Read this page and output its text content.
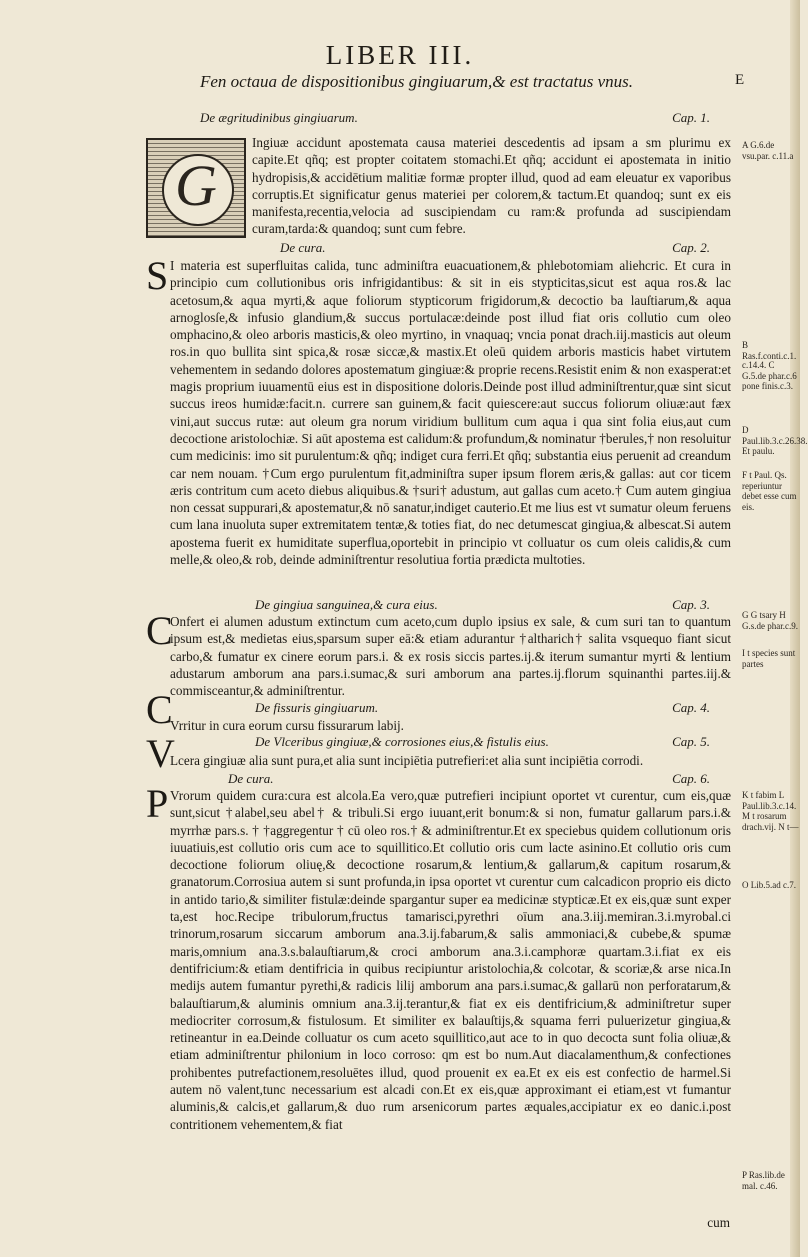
LIBER III.
Fen octaua de dispositionibus gingiuarum,& est tractatus vnus.	E
De ægritudinibus gingiuarum.	Cap. 1.
G

Ingiuæ accidunt apostemata causa materiei descedentis ad ipsam a sm plurimu ex capite.Et qñq; est propter coitatem stomachi.Et qñq; accidunt ei apostemata in initio hydropisis,& accidētium malitiæ formæ propter illud, quod ad eam eleuatur ex vaporibus corruptis.Et significatur genus materiei per colorem,& tactum.Et quandoq; sunt ex eis manifesta,recentia,velocia ad suscipiendam cu ram:& profunda ad suscipiendam curam,tarda:& quandoq; sunt cum febre.

De cura.	Cap. 2.
S I materia est superfluitas calida, tunc adminiſtra euacuationem,& phlebotomiam aliehcric. Et cura in principio cum collutionibus oris infrigidantibus: & sit in eis stypticitas,sicut est aqua ros.& lac acetosum,& aqua myrti,& aque foliorum stypticorum frigidorum,& decoctio ba lauſtiarum,& aqua arnoglosſe,& infusio glandium,& succus portulacæ:deinde post illud fiat oris collutio cum oleo omphacino,& oleo arboris masticis,& oleo myrtino, in vnaquaq; vncia ponat drach.iij.masticis aut oleum ros.in quo bullita sint spica,& rosæ siccæ,& mastix.Et oleū quidem arboris masticis habet virtutem vehementem in sedando dolores apostematum gingiuæ:& proprie recens.Resistit enim & non exasperat:et magis proprium iuuamentū eius est in dispositione doloris.Deinde post illud adminiſtrentur,quæ sint sicut succus ireos humidæ:facit.n. currere san guinem,& facit quiescere:aut succus foliorum oliuæ:aut fæx vini,aut succus rutæ: aut oleum gra norum viridium bullitum cum aqua i qua sint folia eius,aut cum decoctione aristolochiæ. Si aūt apostema est calidum:& profundum,& nominatur †berules,† non resoluitur cum medicinis: imo sit purulentum:& qñq; indiget cura ferri.Et qñq; substantia eius peruenit ad creandum car nem nouam. †Cum ergo purulentum fit,adminiſtra super ipsum florem æris,& gallas: aut cor ticem æris contritum cum aceto diebus aliquibus.& †suri† adustum, aut gallas cum aceto.† Cum autem gingiua non cessat suppurari,& apostematur,& nō sanatur,indiget cauterio.Et me lius est vt sumatur oleum feruens cum lana inuoluta super extremitatem tentæ,& toties fiat, do nec detumescat gingiua,& albescat.Si autem apostema fuerit ex humiditate superflua,oportebit in principio vt colluatur os cum oleis calidis,& cum melle,& oleo,& rob, deinde adminiſtrentur resolutiua fortia prædicta multoties.

De gingiua sanguinea,& cura eius.	Cap. 3.
C

Onfert ei alumen adustum extinctum cum aceto,cum duplo ipsius ex sale, & cum suri tan to quantum ipsum est,& medietas eius,sparsum super eā:& etiam adurantur †altharich† salita vsquequo fiant sicut carbo,& fumatur ex cinere eorum pars.i. & ex rosis siccis partes.ij.& iterum sumantur myrti & lentium adustarum amborum ana pars.i.sumac,& suri amborum ana partes.ij.florum squinanthi partes.iij.& commisceantur,& adminiſtrentur.

De fissuris gingiuarum.	Cap. 4.
C

Vrritur in cura eorum cursu fissurarum labij.

De Vlceribus gingiuæ,& corrosiones eius,& fistulis eius.	Cap. 5.
V

Lcera gingiuæ alia sunt pura,et alia sunt incipiētia putrefieri:et alia sunt incipiētia corrodi.

De cura.	Cap. 6.
P Vrorum quidem cura:cura est alcola.Ea vero,quæ putrefieri incipiunt oportet vt curentur, cum eis,quæ sunt,sicut †alabel,seu abel† & tribuli.Si ergo iuuant,erit bonum:& si non, fumatur gallarum pars.i.& myrrhæ pars.s. † †aggregentur † cū oleo ros.† & adminiſtrentur.Et ex speciebus quidem collutionum oris iuuatiuis,est collutio oris cum ace to squillitico.Et collutio oris cum lacte asinino.Et collutio oris cum decoctione foliorum oliuę,& decoctione rosarum,& lentium,& gallarum,& capitum rosarum,& granatorum.Corrosiua autem si sunt profunda,in ipsa oportet vt curentur cum calcadicon proprio eis dicto in antido tario,& similiter fistulæ:deinde spargantur super ea medicinæ stypticæ.Et ex eis,quæ sunt exper ta,est hoc.Recipe tribulorum,fructus tamarisci,pyrethri oīum ana.3.iij.memiran.3.i.myrobal.ci trinorum,rosarum siccarum amborum ana.3.ij.fabarum,& salis ammoniaci,& cubebe,& spumæ maris,omnium ana.3.s.balauſtiarum,& croci amborum ana.3.i.camphoræ quartam.3.i.fiat ex eis dentifricium:& etiam dentifricia in quibus recipiuntur aristolochia,& colcotar, & scoriæ,& arse nica.In medijs autem fumantur pyrethi,& radicis lilij amborum ana pars.i.sumac,& gallarū non perforatarum,& balauſtiarum,& aluminis omnium ana.3.ij.terantur,& fiat ex eis dentifricium,& adminiſtretur super mediocriter corrosum,& fistulosum. Et similiter ex balauſtijs,& squama ferri puluerizetur gingiua,& retineantur in ea.Deinde colluatur os cum aceto squillitico,aut ace to in quo decocta sunt folia oliuæ,& etiam adminiſtrentur philonium in loco corroso: qm est bo num.Aut diacalamenthum,& confectiones prohibentes putrefactionem,resoluētes illud, quod prouenit ex ea.Et ex eis est confectio de harmel.Si autem nō valent,tunc necessarium est alcadi con.Et ex eis,quæ approximant ei etiam,est vt fumantur aluminis,& calcis,et gallarum,& duo rum arsenicorum partes æquales,accipiatur ex eo danic.i.post contritionem vehementem,& fiat

cum
A G.6.de vsu.par. c.11.a
B Ras.f.conti.c.1.
c.14.4. C G.5.de phar.c.6 pone finis.c.3.
D Paul.lib.3.c.26.38. Et paulu.
F t Paul. Qs. reperiuntur debet esse cum eis.
G G tsary H G.s.de phar.c.9.
I t species sunt partes
K t fabim L Paul.lib.3.c.14. M t rosarum drach.vij. N t—
O Lib.5.ad c.7.
P Ras.lib.de mal. c.46.
